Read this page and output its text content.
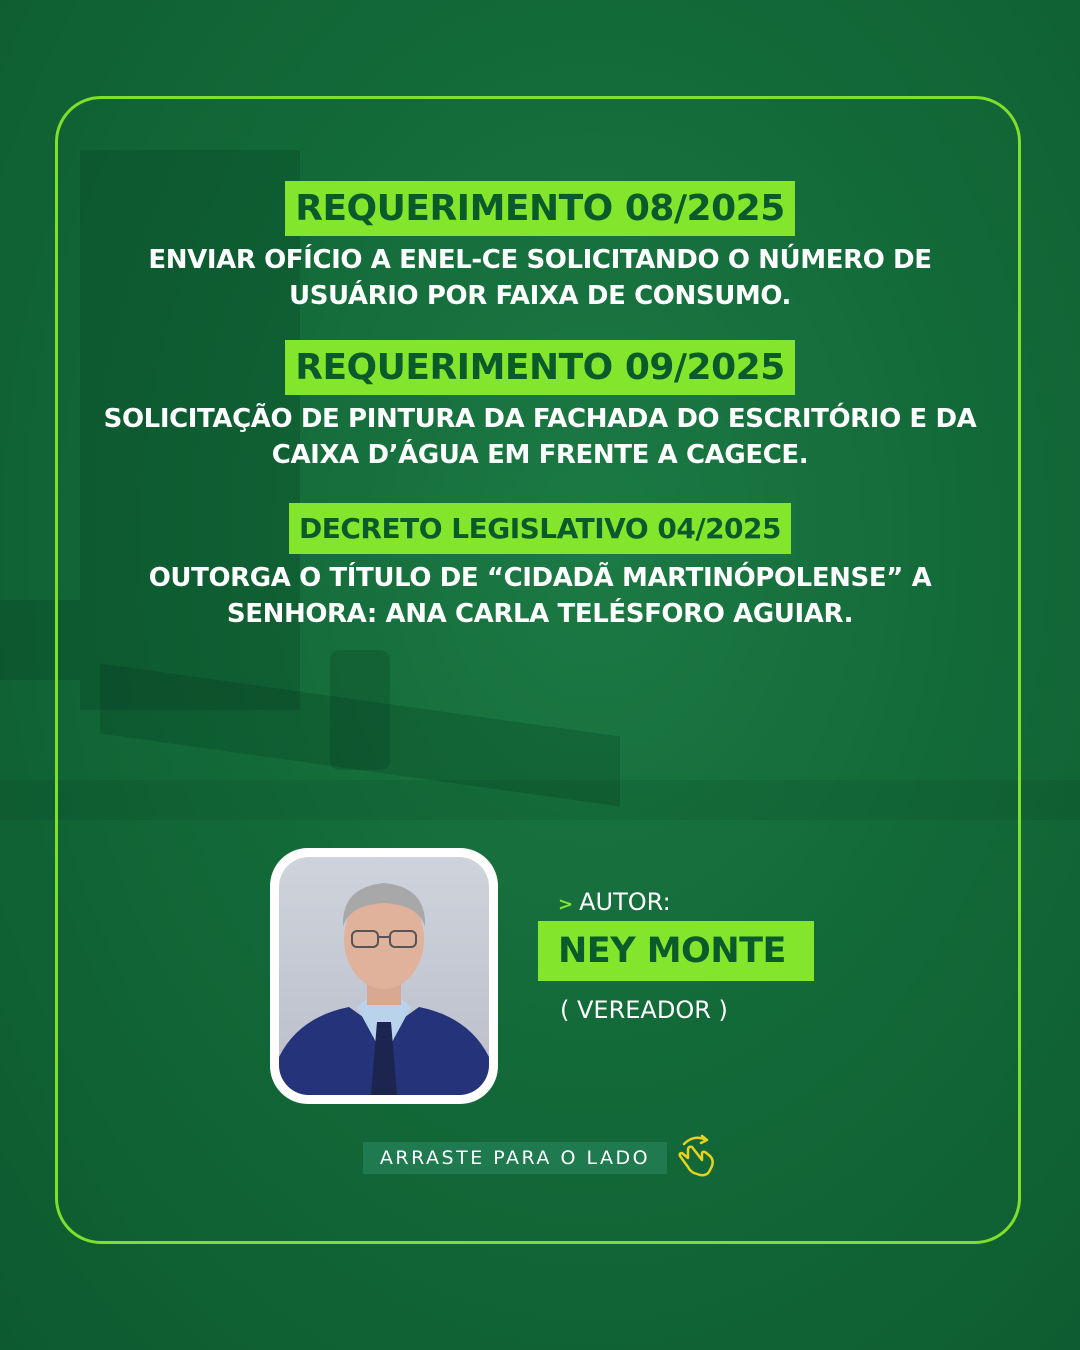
REQUERIMENTO 08/2025
ENVIAR OFÍCIO A ENEL-CE SOLICITANDO O NÚMERO DE
USUÁRIO POR FAIXA DE CONSUMO.
REQUERIMENTO 09/2025
SOLICITAÇÃO DE PINTURA DA FACHADA DO ESCRITÓRIO E DA
CAIXA D’ÁGUA EM FRENTE A CAGECE.
DECRETO LEGISLATIVO 04/2025
OUTORGA O TÍTULO DE “CIDADÃ MARTINÓPOLENSE” A
SENHORA: ANA CARLA TELÉSFORO AGUIAR.
> AUTOR:
NEY MONTE
( VEREADOR )
ARRASTE PARA O LADO
